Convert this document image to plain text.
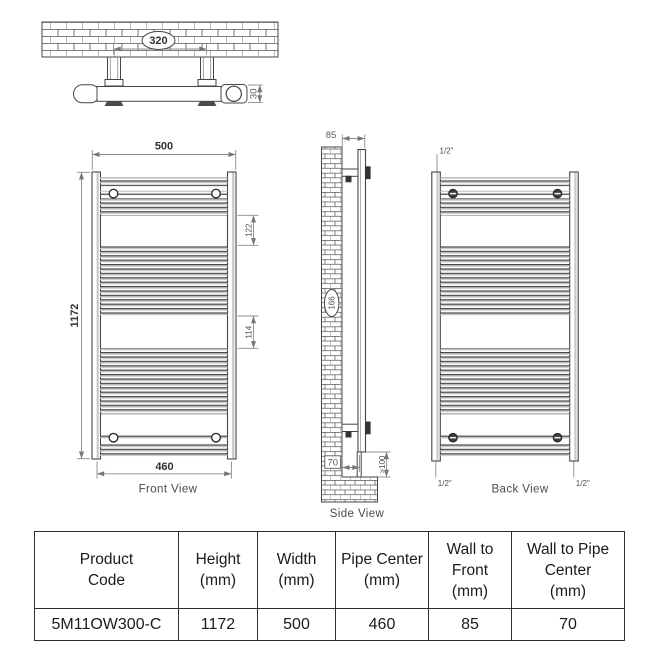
320
30
500
1172
122
114
460
Front View
85
166
70	>100
Side View
1/2"
1/2"	1/2"
Back View
Product
Code

Height
(mm)

Width
(mm)

Pipe Center
(mm)

Wall to
Front
(mm)

Wall to Pipe
Center
(mm)

5M11OW300-C	1172	500	460	85	70
